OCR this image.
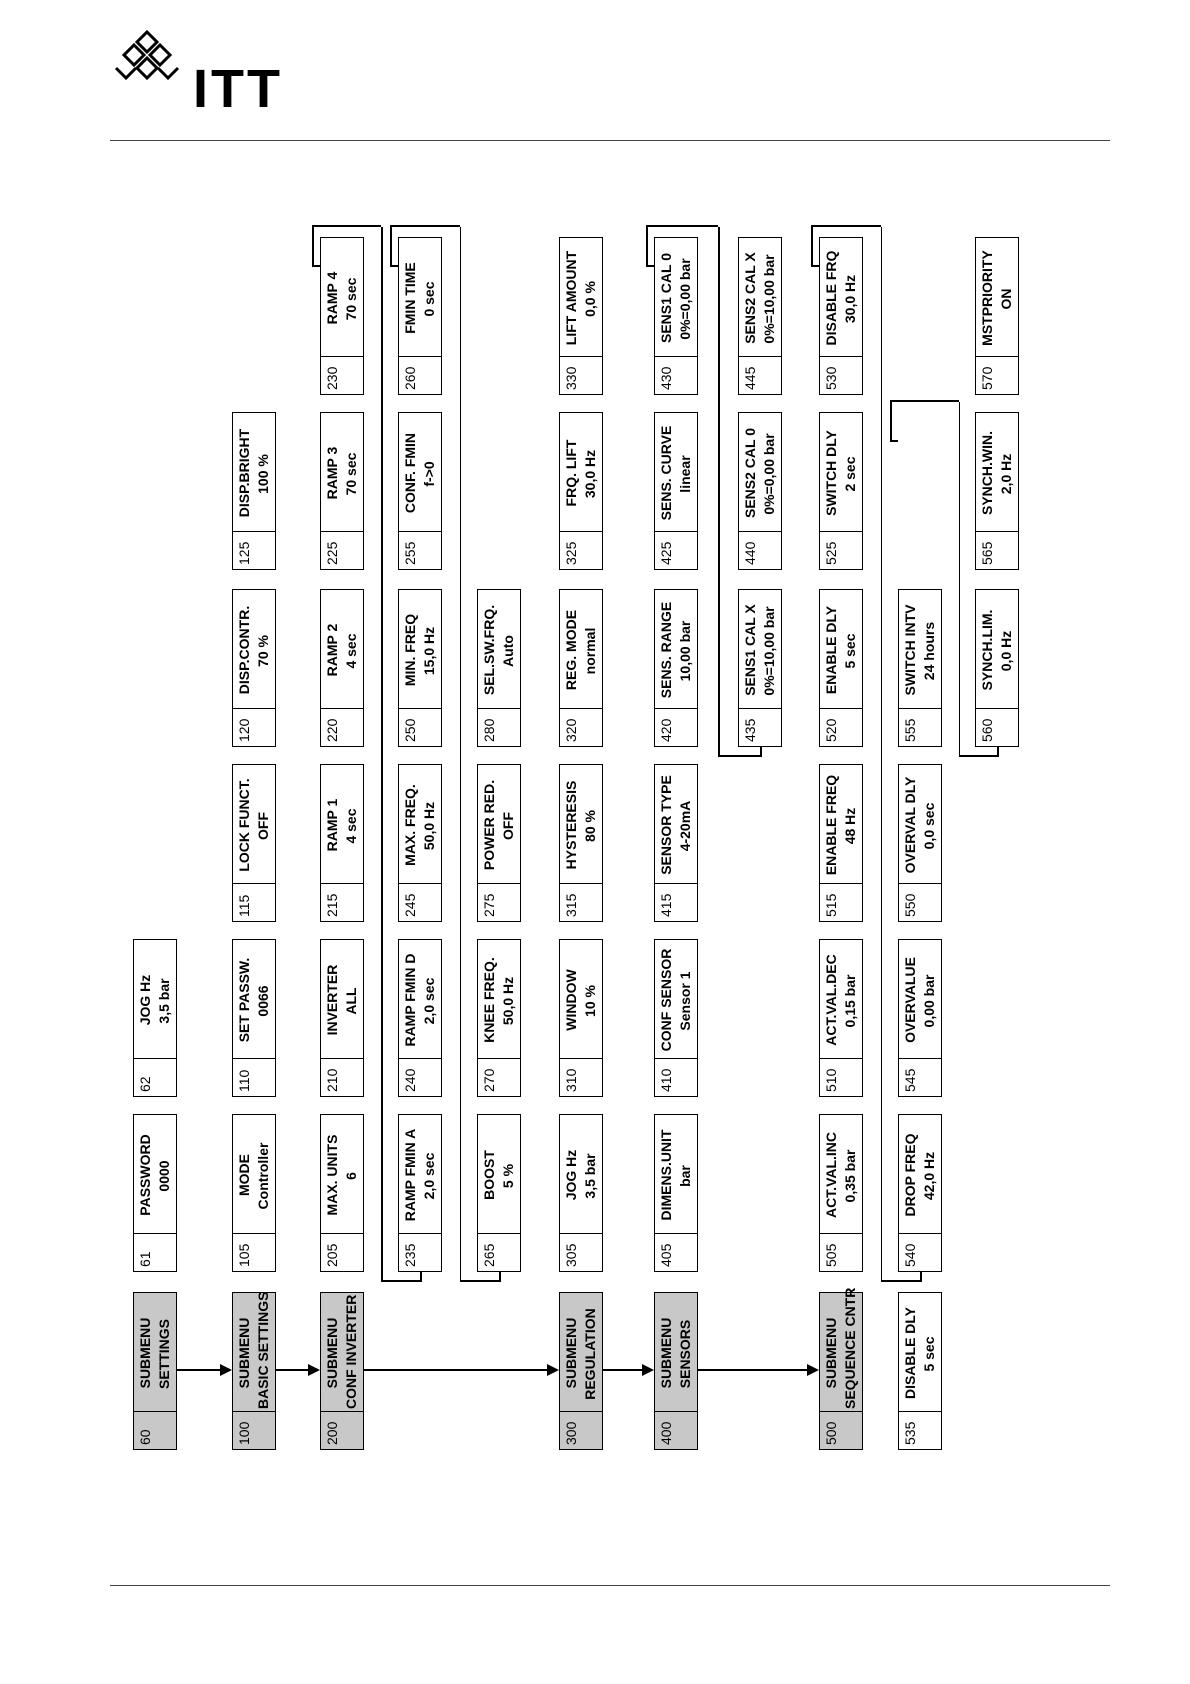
ITT
60
SUBMENU SETTINGS
61
PASSWORD 0000
62
JOG Hz 3,5 bar
100
SUBMENU BASIC SETTINGS
105
MODE Controller
110
SET PASSW. 0066
115
LOCK FUNCT. OFF
120
DISP.CONTR. 70 %
125
DISP.BRIGHT 100 %
200
SUBMENU CONF INVERTER
205
MAX. UNITS 6
210
INVERTER ALL
215
RAMP 1 4 sec
220
RAMP 2 4 sec
225
RAMP 3 70 sec
230
RAMP 4 70 sec
235
RAMP FMIN A 2,0 sec
240
RAMP FMIN D 2,0 sec
245
MAX. FREQ. 50,0 Hz
250
MIN. FREQ 15,0 Hz
255
CONF. FMIN f->0
260
FMIN TIME 0 sec
265
BOOST 5 %
270
KNEE FREQ. 50,0 Hz
275
POWER RED. OFF
280
SEL.SW.FRQ. Auto
300
SUBMENU REGULATION
305
JOG Hz 3,5 bar
310
WINDOW 10 %
315
HYSTERESIS 80 %
320
REG. MODE normal
325
FRQ. LIFT 30,0 Hz
330
LIFT AMOUNT 0,0 %
400
SUBMENU SENSORS
405
DIMENS.UNIT bar
410
CONF SENSOR Sensor 1
415
SENSOR TYPE 4-20mA
420
SENS. RANGE 10,00 bar
425
SENS. CURVE linear
430
SENS1 CAL 0 0%=0,00 bar
435
SENS1 CAL X 0%=10,00 bar
440
SENS2 CAL 0 0%=0,00 bar
445
SENS2 CAL X 0%=10,00 bar
500
SUBMENU SEQUENCE CNTR
505
ACT.VAL.INC 0,35 bar
510
ACT.VAL.DEC 0,15 bar
515
ENABLE FREQ 48 Hz
520
ENABLE DLY 5 sec
525
SWITCH DLY 2 sec
530
DISABLE FRQ 30,0 Hz
535
DISABLE DLY 5 sec
540
DROP FREQ 42,0 Hz
545
OVERVALUE 0,00 bar
550
OVERVAL DLY 0,0 sec
555
SWITCH INTV 24 hours
560
SYNCH.LIM. 0,0 Hz
565
SYNCH.WIN. 2,0 Hz
570
MSTPRIORITY ON
